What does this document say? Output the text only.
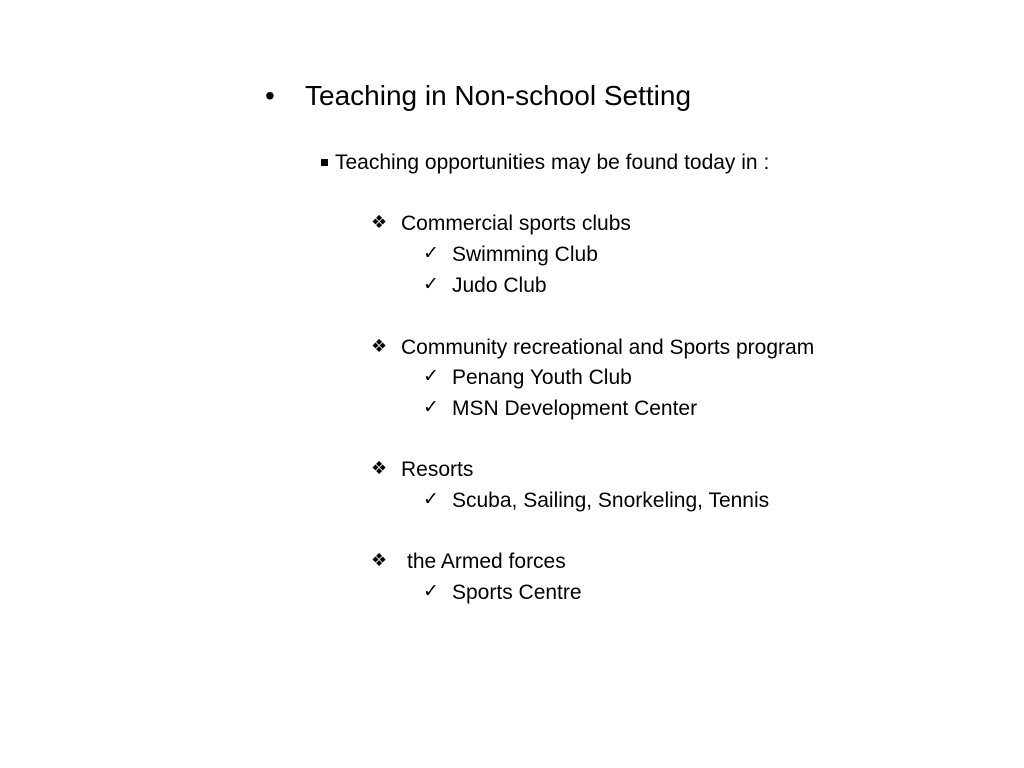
• Teaching in Non-school Setting
Teaching opportunities may be found today in :
❖ Commercial sports clubs
✓ Swimming Club
✓ Judo Club
❖ Community recreational and Sports program
✓ Penang Youth Club
✓ MSN Development Center
❖ Resorts
✓ Scuba, Sailing, Snorkeling, Tennis
❖ the Armed forces
✓ Sports Centre
